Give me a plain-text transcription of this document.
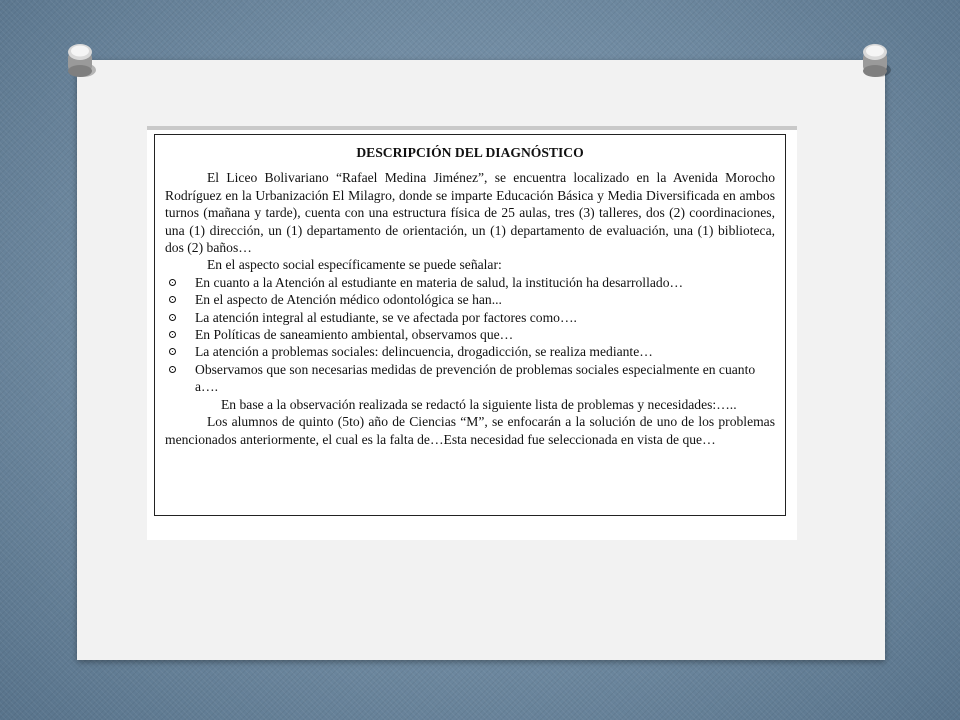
DESCRIPCIÓN DEL DIAGNÓSTICO

El Liceo Bolivariano “Rafael Medina Jiménez”, se encuentra localizado en la Avenida Morocho Rodríguez en la Urbanización El Milagro, donde se imparte Educación Básica y Media Diversificada en ambos turnos (mañana y tarde), cuenta con una estructura física de 25 aulas, tres (3) talleres, dos (2) coordinaciones, una (1) dirección, un (1) departamento de orientación, un (1) departamento de evaluación, una (1) biblioteca, dos (2) baños…

En el aspecto social específicamente se puede señalar:

En cuanto a la Atención al estudiante en materia de salud, la institución ha desarrollado…
En el aspecto de Atención médico odontológica se han...
La atención integral al estudiante, se ve afectada por factores como….
En Políticas de saneamiento ambiental, observamos que…
La atención a problemas sociales: delincuencia, drogadicción, se realiza mediante…
Observamos que son necesarias medidas de prevención de problemas sociales especialmente en cuanto a….

En base a la observación realizada se redactó la siguiente lista de problemas y necesidades:…..

Los alumnos de quinto (5to) año de Ciencias “M”, se enfocarán a la solución de uno de los problemas mencionados anteriormente, el cual es la falta de…Esta necesidad fue seleccionada en vista de que…
